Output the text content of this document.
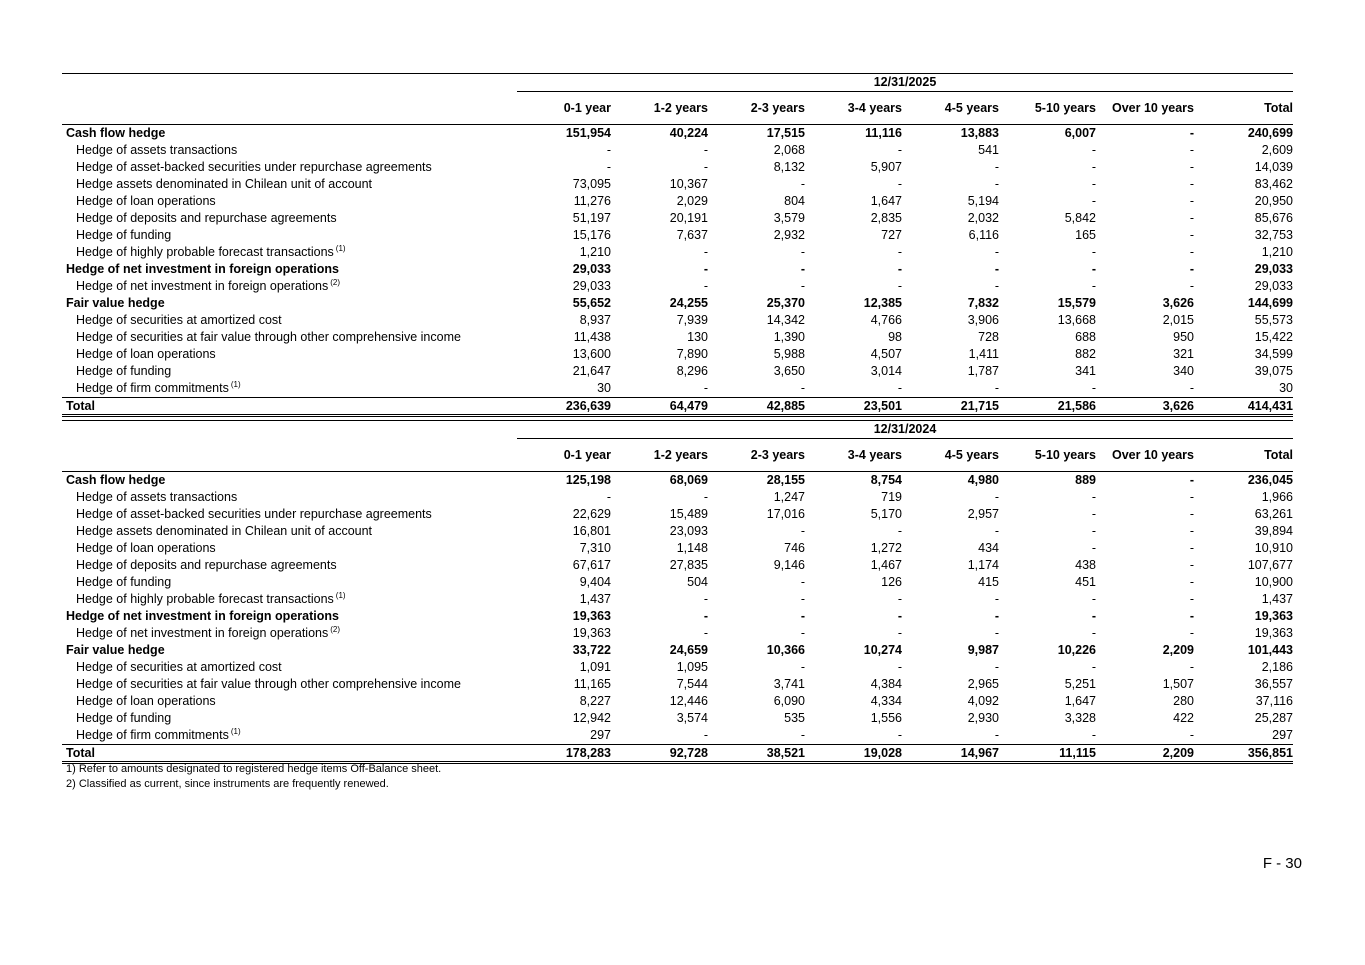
12/31/2025
0-1 year	1-2 years	2-3 years	3-4 years	4-5 years	5-10 years	Over 10 years	Total
Cash flow hedge	151,954	40,224	17,515	11,116	13,883	6,007	-	240,699
Hedge of assets transactions	-	-	2,068	-	541	-	-	2,609
Hedge of asset-backed securities under repurchase agreements	-	-	8,132	5,907	-	-	-	14,039
Hedge assets denominated in Chilean unit of account	73,095	10,367	-	-	-	-	-	83,462
Hedge of loan operations	11,276	2,029	804	1,647	5,194	-	-	20,950
Hedge of deposits and repurchase agreements	51,197	20,191	3,579	2,835	2,032	5,842	-	85,676
Hedge of funding	15,176	7,637	2,932	727	6,116	165	-	32,753
Hedge of highly probable forecast transactions $^{(1)}$	1,210	-	-	-	-	-	-	1,210
Hedge of net investment in foreign operations	29,033	-	-	-	-	-	-	29,033
Hedge of net investment in foreign operations $^{(2)}$	29,033	-	-	-	-	-	-	29,033
Fair value hedge	55,652	24,255	25,370	12,385	7,832	15,579	3,626	144,699
Hedge of securities at amortized cost	8,937	7,939	14,342	4,766	3,906	13,668	2,015	55,573
Hedge of securities at fair value through other comprehensive income	11,438	130	1,390	98	728	688	950	15,422
Hedge of loan operations	13,600	7,890	5,988	4,507	1,411	882	321	34,599
Hedge of funding	21,647	8,296	3,650	3,014	1,787	341	340	39,075
Hedge of firm commitments $^{(1)}$	30	-	-	-	-	-	-	30
Total	236,639	64,479	42,885	23,501	21,715	21,586	3,626	414,431
12/31/2024
0-1 year	1-2 years	2-3 years	3-4 years	4-5 years	5-10 years	Over 10 years	Total
Cash flow hedge	125,198	68,069	28,155	8,754	4,980	889	-	236,045
Hedge of assets transactions	-	-	1,247	719	-	-	-	1,966
Hedge of asset-backed securities under repurchase agreements	22,629	15,489	17,016	5,170	2,957	-	-	63,261
Hedge assets denominated in Chilean unit of account	16,801	23,093	-	-	-	-	-	39,894
Hedge of loan operations	7,310	1,148	746	1,272	434	-	-	10,910
Hedge of deposits and repurchase agreements	67,617	27,835	9,146	1,467	1,174	438	-	107,677
Hedge of funding	9,404	504	-	126	415	451	-	10,900
Hedge of highly probable forecast transactions $^{(1)}$	1,437	-	-	-	-	-	-	1,437
Hedge of net investment in foreign operations	19,363	-	-	-	-	-	-	19,363
Hedge of net investment in foreign operations $^{(2)}$	19,363	-	-	-	-	-	-	19,363
Fair value hedge	33,722	24,659	10,366	10,274	9,987	10,226	2,209	101,443
Hedge of securities at amortized cost	1,091	1,095	-	-	-	-	-	2,186
Hedge of securities at fair value through other comprehensive income	11,165	7,544	3,741	4,384	2,965	5,251	1,507	36,557
Hedge of loan operations	8,227	12,446	6,090	4,334	4,092	1,647	280	37,116
Hedge of funding	12,942	3,574	535	1,556	2,930	3,328	422	25,287
Hedge of firm commitments $^{(1)}$	297	-	-	-	-	-	-	297
Total	178,283	92,728	38,521	19,028	14,967	11,115	2,209	356,851
1) Refer to amounts designated to registered hedge items Off-Balance sheet.
2) Classified as current, since instruments are frequently renewed.
F - 30
